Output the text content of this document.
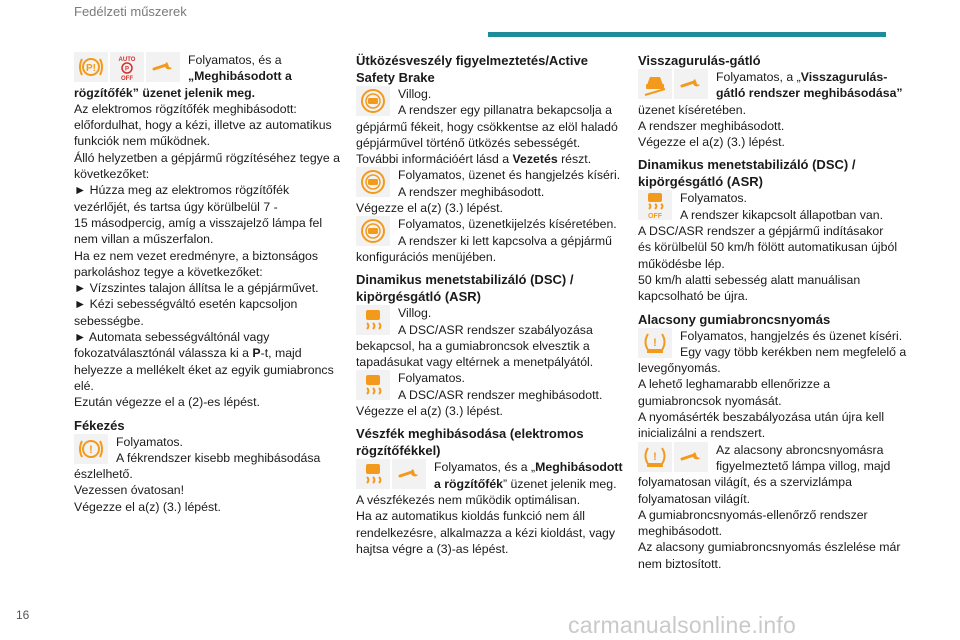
Fedélzeti műszerek
P!
AUTO
P
OFF
Folyamatos, és a
„Meghibásodott a
rögzítőfék” üzenet jelenik meg.
Az elektromos rögzítőfék meghibásodott:
előfordulhat, hogy a kézi, illetve az automatikus
funkciók nem működnek.
Álló helyzetben a gépjármű rögzítéséhez tegye a
következőket:
► Húzza meg az elektromos rögzítőfék
vezérlőjét, és tartsa úgy körülbelül 7 -
15 másodpercig, amíg a visszajelző lámpa fel
nem villan a műszerfalon.
Ha ez nem vezet eredményre, a biztonságos
parkoláshoz tegye a következőket:
► Vízszintes talajon állítsa le a gépjárművet.
► Kézi sebességváltó esetén kapcsoljon
sebességbe.
► Automata sebességváltónál vagy
fokozatválasztónál válassza ki a P-t, majd
helyezze a mellékelt éket az egyik gumiabroncs
elé.
Ezután végezze el a (2)-es lépést.
Fékezés
!
Folyamatos.
A fékrendszer kisebb meghibásodása
észlelhető.
Vezessen óvatosan!
Végezze el a(z) (3.) lépést.
Ütközésveszély figyelmeztetés/Active
Safety Brake
Villog.
A rendszer egy pillanatra bekapcsolja a
gépjármű fékeit, hogy csökkentse az elöl haladó
gépjárművel történő ütközés sebességét.
További információért lásd a Vezetés részt.
Folyamatos, üzenet és hangjelzés kíséri.
A rendszer meghibásodott.
Végezze el a(z) (3.) lépést.
Folyamatos, üzenetkijelzés kíséretében.
A rendszer ki lett kapcsolva a gépjármű
konfigurációs menüjében.
Dinamikus menetstabilizáló (DSC) /
kipörgésgátló (ASR)
Villog.
A DSC/ASR rendszer szabályozása
bekapcsol, ha a gumiabroncsok elvesztik a
tapadásukat vagy eltérnek a menetpályától.
Folyamatos.
A DSC/ASR rendszer meghibásodott.
Végezze el a(z) (3.) lépést.
Vészfék meghibásodása (elektromos
rögzítőfékkel)
Folyamatos, és a „Meghibásodott
a rögzítőfék” üzenet jelenik meg.
A vészfékezés nem működik optimálisan.
Ha az automatikus kioldás funkció nem áll
rendelkezésre, alkalmazza a kézi kioldást, vagy
hajtsa végre a (3)-as lépést.
Visszagurulás-gátló
Folyamatos, a „Visszagurulás-
gátló rendszer meghibásodása”
üzenet kíséretében.
A rendszer meghibásodott.
Végezze el a(z) (3.) lépést.
Dinamikus menetstabilizáló (DSC) /
kipörgésgátló (ASR)
OFF
Folyamatos.
A rendszer kikapcsolt állapotban van.
A DSC/ASR rendszer a gépjármű indításakor
és körülbelül 50 km/h fölött automatikusan újból
működésbe lép.
50 km/h alatti sebesség alatt manuálisan
kapcsolható be újra.
Alacsony gumiabroncsnyomás
! Folyamatos, hangjelzés és üzenet kíséri.
Egy vagy több kerékben nem megfelelő a
levegőnyomás.
A lehető leghamarabb ellenőrizze a
gumiabroncsok nyomását.
A nyomásérték beszabályozása után újra kell
inicializálni a rendszert.
!	Az alacsony abroncsnyomásra
figyelmeztető lámpa villog, majd
folyamatosan világít, és a szervizlámpa
folyamatosan világít.
A gumiabroncsnyomás-ellenőrző rendszer
meghibásodott.
Az alacsony gumiabroncsnyomás észlelése már
nem biztosított.
16	carmanualsonline.info
